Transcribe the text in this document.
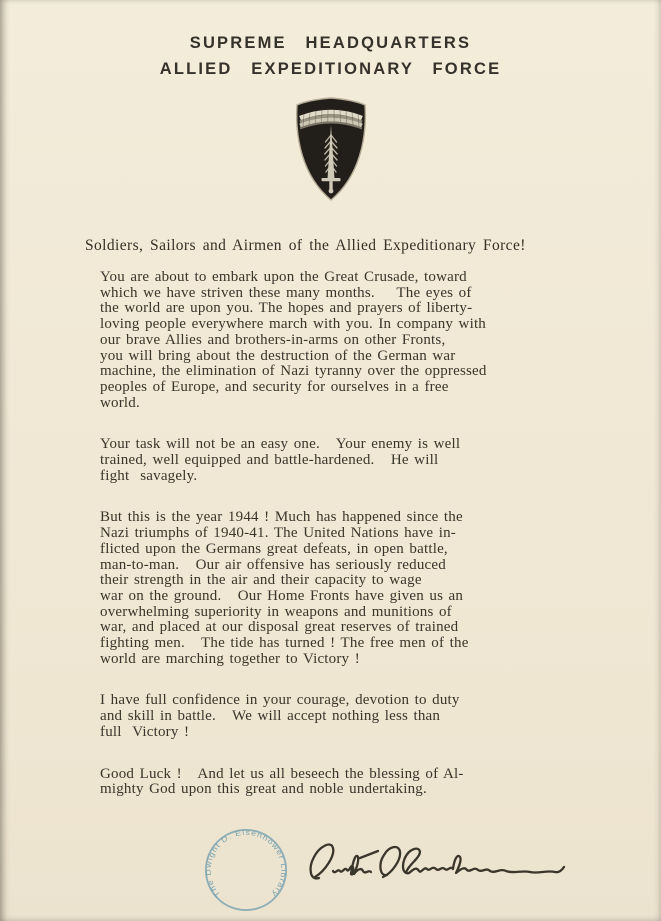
SUPREME HEADQUARTERS
ALLIED EXPEDITIONARY FORCE
Soldiers, Sailors and Airmen of the Allied Expeditionary Force!
You are about to embark upon the Great Crusade, toward
which we have striven these many months.    The eyes of
the world are upon you. The hopes and prayers of liberty-
loving people everywhere march with you. In company with
our brave Allies and brothers-in-arms on other Fronts,
you will bring about the destruction of the German war
machine, the elimination of Nazi tyranny over the oppressed
peoples of Europe, and security for ourselves in a free
world.
Your task will not be an easy one.   Your enemy is well
trained, well equipped and battle-hardened.   He will
fight  savagely.
But this is the year 1944 ! Much has happened since the
Nazi triumphs of 1940-41. The United Nations have in-
flicted upon the Germans great defeats, in open battle,
man-to-man.   Our air offensive has seriously reduced
their strength in the air and their capacity to wage
war on the ground.   Our Home Fronts have given us an
overwhelming superiority in weapons and munitions of
war, and placed at our disposal great reserves of trained
fighting men.   The tide has turned ! The free men of the
world are marching together to Victory !
I have full confidence in your courage, devotion to duty
and skill in battle.   We will accept nothing less than
full  Victory !
Good Luck !   And let us all beseech the blessing of Al-
mighty God upon this great and noble undertaking.
The Dwight D. Eisenhower Library
